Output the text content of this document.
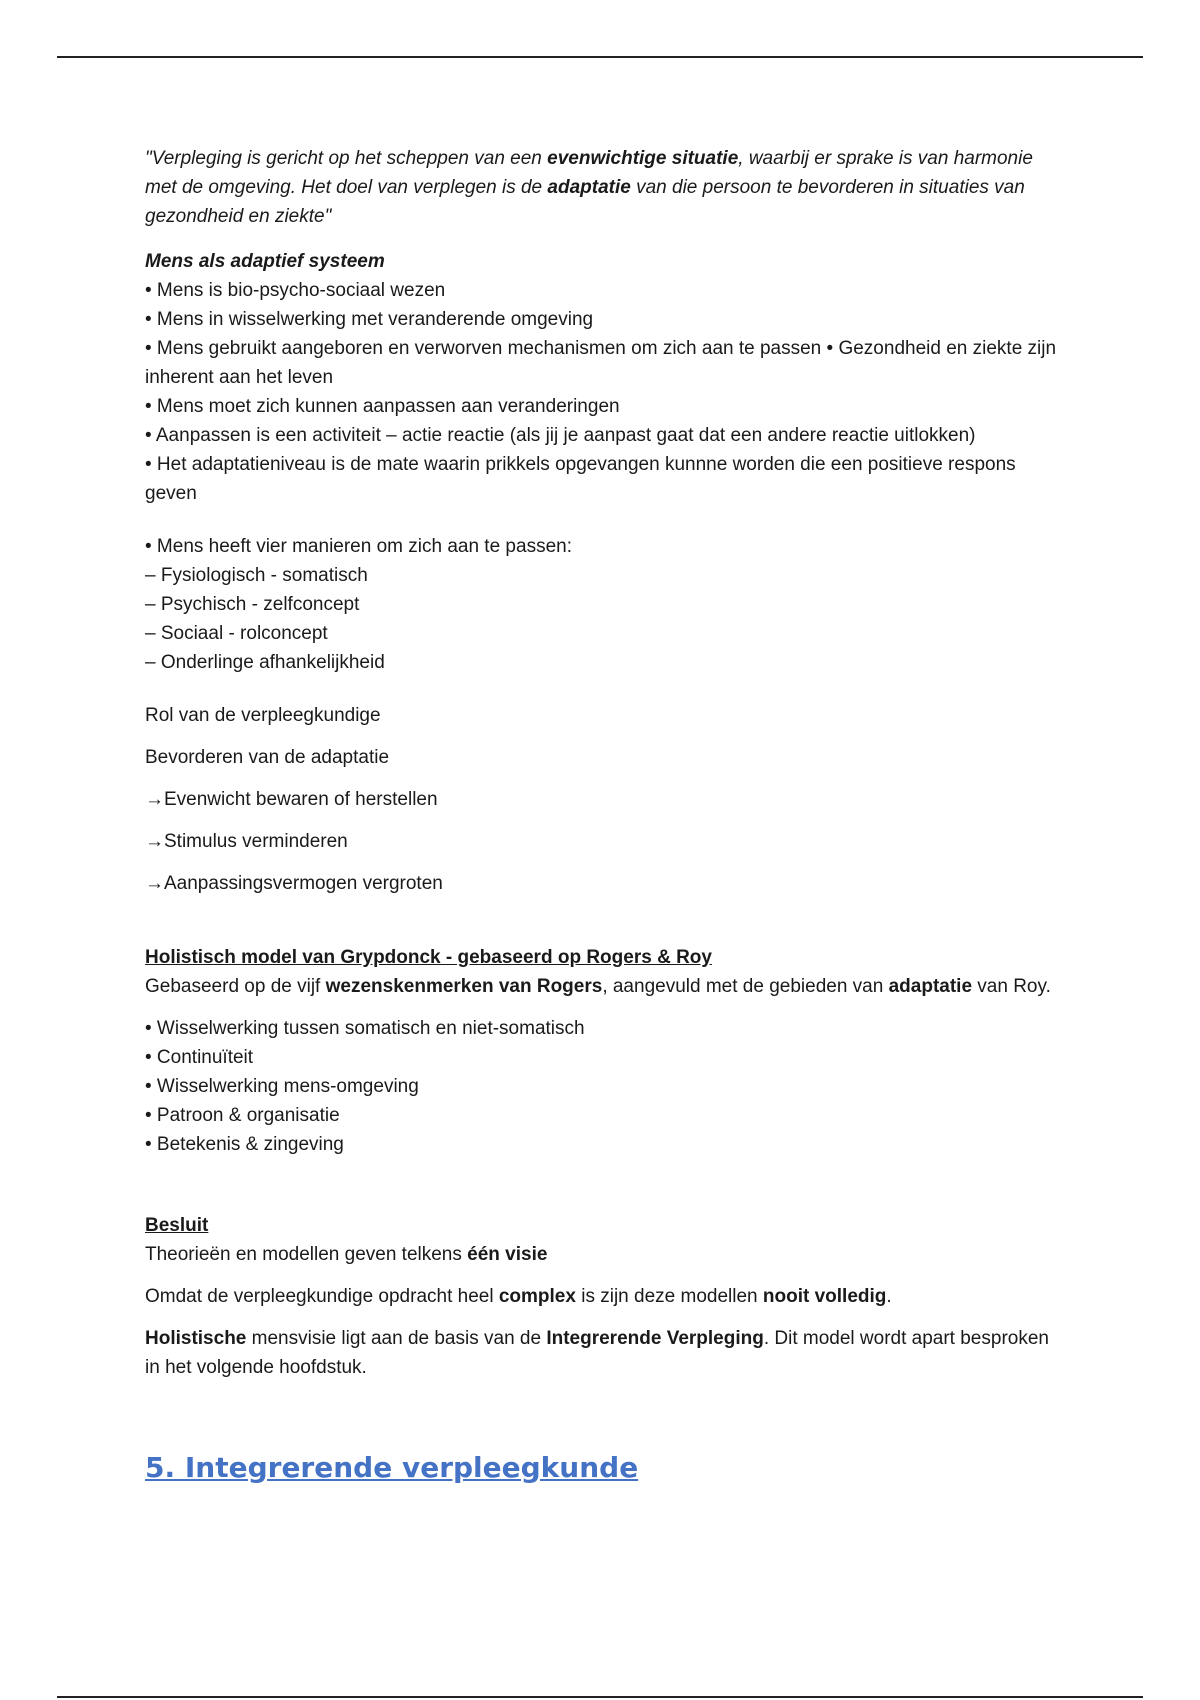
"Verpleging is gericht op het scheppen van een evenwichtige situatie, waarbij er sprake is van harmonie met de omgeving. Het doel van verplegen is de adaptatie van die persoon te bevorderen in situaties van gezondheid en ziekte"

Mens als adaptief systeem

• Mens is bio-psycho-sociaal wezen
• Mens in wisselwerking met veranderende omgeving
• Mens gebruikt aangeboren en verworven mechanismen om zich aan te passen • Gezondheid en ziekte zijn inherent aan het leven
• Mens moet zich kunnen aanpassen aan veranderingen
• Aanpassen is een activiteit – actie reactie (als jij je aanpast gaat dat een andere reactie uitlokken)
• Het adaptatieniveau is de mate waarin prikkels opgevangen kunnne worden die een positieve respons geven
• Mens heeft vier manieren om zich aan te passen:
– Fysiologisch - somatisch
– Psychisch - zelfconcept
– Sociaal - rolconcept
– Onderlinge afhankelijkheid

Rol van de verpleegkundige

Bevorderen van de adaptatie

→Evenwicht bewaren of herstellen

→Stimulus verminderen

→Aanpassingsvermogen vergroten

Holistisch model van Grypdonck - gebaseerd op Rogers & Roy

Gebaseerd op de vijf wezenskenmerken van Rogers, aangevuld met de gebieden van adaptatie van Roy.

• Wisselwerking tussen somatisch en niet-somatisch
• Continuïteit
• Wisselwerking mens-omgeving
• Patroon & organisatie
• Betekenis & zingeving

Besluit

Theorieën en modellen geven telkens één visie

Omdat de verpleegkundige opdracht heel complex is zijn deze modellen nooit volledig.

Holistische mensvisie ligt aan de basis van de Integrerende Verpleging. Dit model wordt apart besproken in het volgende hoofdstuk.

5. Integrerende verpleegkunde
